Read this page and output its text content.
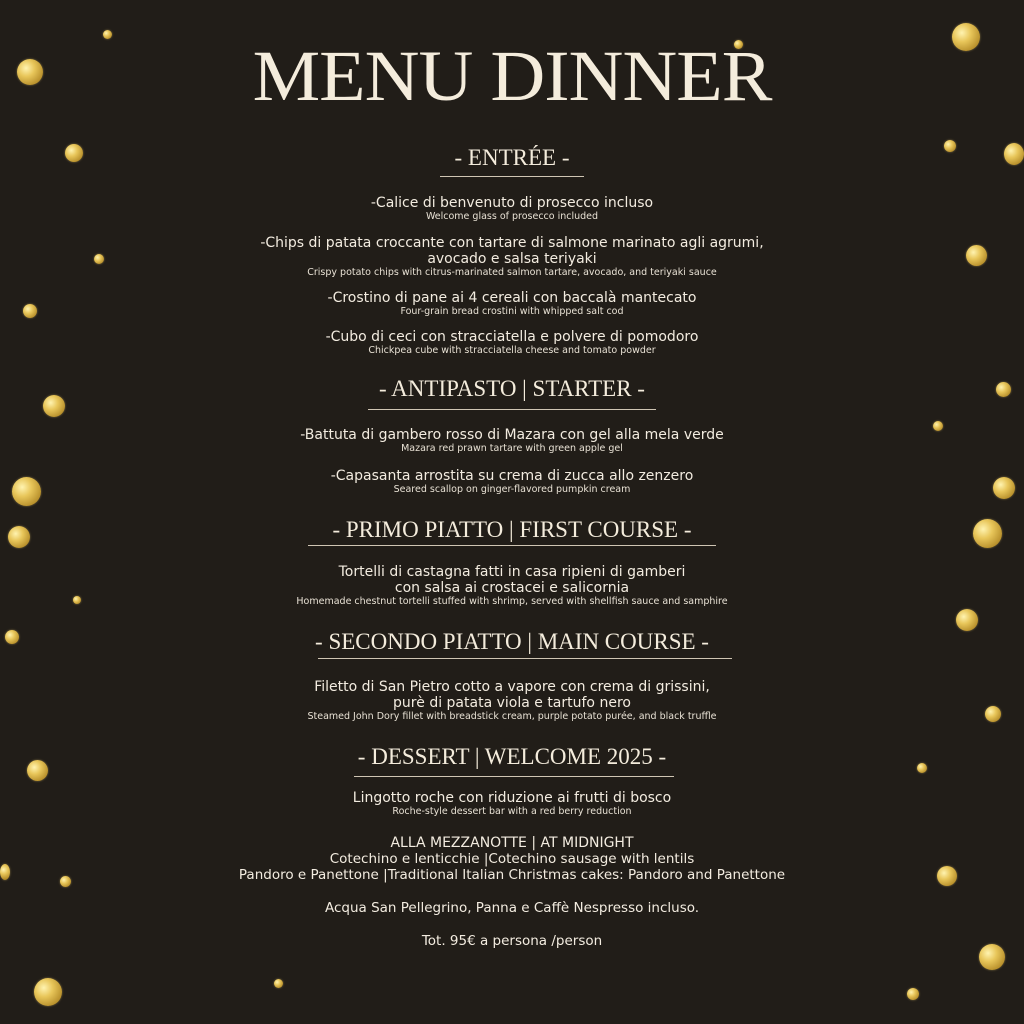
MENU DINNER
- ENTRÉE -
-Calice di benvenuto di prosecco incluso
Welcome glass of prosecco included
-Chips di patata croccante con tartare di salmone marinato agli agrumi,
avocado e salsa teriyaki
Crispy potato chips with citrus-marinated salmon tartare, avocado, and teriyaki sauce
-Crostino di pane ai 4 cereali con baccalà mantecato
Four-grain bread crostini with whipped salt cod
-Cubo di ceci con stracciatella e polvere di pomodoro
Chickpea cube with stracciatella cheese and tomato powder
- ANTIPASTO | STARTER -
-Battuta di gambero rosso di Mazara con gel alla mela verde
Mazara red prawn tartare with green apple gel
-Capasanta arrostita su crema di zucca allo zenzero
Seared scallop on ginger-flavored pumpkin cream
- PRIMO PIATTO | FIRST COURSE -
Tortelli di castagna fatti in casa ripieni di gamberi
con salsa ai crostacei e salicornia
Homemade chestnut tortelli stuffed with shrimp, served with shellfish sauce and samphire
- SECONDO PIATTO | MAIN COURSE -
Filetto di San Pietro cotto a vapore con crema di grissini,
purè di patata viola e tartufo nero
Steamed John Dory fillet with breadstick cream, purple potato purée, and black truffle
- DESSERT | WELCOME 2025 -
Lingotto roche con riduzione ai frutti di bosco
Roche-style dessert bar with a red berry reduction
ALLA MEZZANOTTE | AT MIDNIGHT
Cotechino e lenticchie |Cotechino sausage with lentils
Pandoro e Panettone |Traditional Italian Christmas cakes: Pandoro and Panettone
Acqua San Pellegrino, Panna e Caffè Nespresso incluso.
Tot. 95€ a persona /person
